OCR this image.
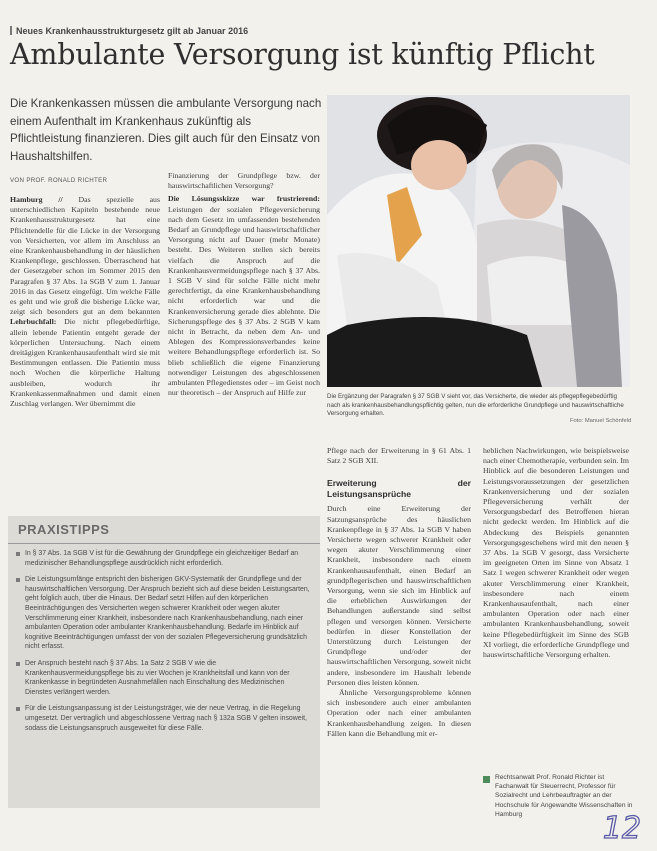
Neues Krankenhausstrukturgesetz gilt ab Januar 2016
Ambulante Versorgung ist künftig Pflicht
Die Krankenkassen müssen die ambulante Versorgung nach einem Aufenthalt im Krankenhaus zukünftig als Pflichtleistung finanzieren. Dies gilt auch für den Einsatz von Haushaltshilfen.
Die Ergänzung der Paragrafen § 37 SGB V sieht vor, das Versicherte, die wieder als pflegepflegebedürftig nach als krankenhausbehandlungspflichtig gelten, nun die erforderliche Grundpflege und hauswirtschaftliche Versorgung erhalten.
Foto: Manuel Schönfeld
VON PROF. RONALD RICHTER

Hamburg // Das spezielle aus unterschiedlichen Kapiteln bestehende neue Krankenhausstrukturgesetz hat eine Pflichtendelle für die Lücke in der Versorgung von Versicherten, vor allem im Anschluss an eine Krankenhausbehandlung in der häuslichen Krankenpflege, geschlossen. Überraschend hat der Gesetzgeber schon im Sommer 2015 den Paragrafen § 37 Abs. 1a SGB V zum 1. Januar 2016 in das Gesetz eingefügt. Um welche Fälle es geht und wie groß die bisherige Lücke war, zeigt sich besonders gut an dem bekannten Lehrbuchfall: Die nicht pflegebedürftige, allein lebende Patientin entgeht gerade der körperlichen Untersuchung. Nach einem dreitägigen Krankenhausaufenthalt wird sie mit Bestimmungen entlassen. Die Patientin muss noch Wochen die körperliche Haltung ausbleiben, wodurch ihr Krankenkassenmaßnahmen und damit einen Zuschlag verlangen. Wer übernimmt die

Finanzierung der Grundpflege bzw. der hauswirtschaftlichen Versorgung?

Die Lösungsskizze war frustrierend: Leistungen der sozialen Pflegeversicherung nach dem Gesetz im umfassenden bestehenden Bedarf an Grundpflege und hauswirtschaftlicher Versorgung nicht auf Dauer (mehr Monate) besteht. Des Weiteren stellen sich bereits vielfach die Anspruch auf die Krankenhausvermeidungspflege nach § 37 Abs. 1 SGB V sind für solche Fälle nicht mehr gerechtfertigt, da eine Krankenhausbehandlung nicht erforderlich war und die Krankenversicherung gerade dies ablehnte. Die Sicherungspflege des § 37 Abs. 2 SGB V kam nicht in Betracht, da neben dem An- und Ablegen des Kompressionsverbandes keine weitere Behandlungspflege erforderlich ist. So blieb schließlich die eigene Finanzierung notwendiger Leistungen des abgeschlossenen ambulanten Pflegedienstes oder – im Geist noch nur theoretisch – der Anspruch auf Hilfe zur

Pflege nach der Erweiterung in § 61 Abs. 1 Satz 2 SGB XII.

Erweiterung der Leistungsansprüche

Durch eine Erweiterung der Satzungsansprüche des häuslichen Krankenpflege in § 37 Abs. 1a SGB V haben Versicherte wegen schwerer Krankheit oder wegen akuter Verschlimmerung einer Krankheit, insbesondere nach einem Krankenhausaufenthalt, einen Bedarf an grundpflegerischen und hauswirtschaftlichen Versorgung, wenn sie sich im Hinblick auf die erheblichen Auswirkungen der Behandlungen außerstande sind selbst pflegen und versorgen können. Versicherte bedürfen in dieser Konstellation der Unterstützung durch Leistungen der Grundpflege und/oder der hauswirtschaftlichen Versorgung, soweit nicht andere, insbesondere im Haushalt lebende Personen dies leisten können.

Ähnliche Versorgungsprobleme können sich insbesondere auch einer ambulanten Operation oder nach einer ambulanten Krankenhausbehandlung zeigen. In diesen Fällen kann die Behandlung mit er-

heblichen Nachwirkungen, wie beispielsweise nach einer Chemotherapie, verbunden sein. Im Hinblick auf die besonderen Leistungen und Leistungsvoraussetzungen der gesetzlichen Krankenversicherung und der sozialen Pflegeversicherung verhält der Versorgungsbedarf des Betroffenen hieran nicht gedeckt werden. Im Hinblick auf die Abdeckung des Beispiels genannten Versorgungsgeschehens wird mit den neuen § 37 Abs. 1a SGB V gesorgt, dass Versicherte im geeigneten Orten im Sinne von Absatz 1 Satz 1 wegen schwerer Krankheit oder wegen akuter Verschlimmerung einer Krankheit, insbesondere nach einem Krankenhausaufenthalt, nach einer ambulanten Operation oder nach einer ambulanten Krankenhausbehandlung, soweit keine Pflegebedürftigkeit im Sinne des SGB XI vorliegt, die erforderliche Grundpflege und hauswirtschaftliche Versorgung erhalten.

PRAXISTIPPS
In § 37 Abs. 1a SGB V ist für die Gewährung der Grundpflege ein gleichzeitiger Bedarf an medizinischer Behandlungspflege ausdrücklich nicht erforderlich.
Die Leistungsumfänge entspricht den bisherigen GKV-Systematik der Grundpflege und der hauswirtschaftlichen Versorgung. Der Anspruch bezieht sich auf diese beiden Leistungsarten, geht folglich auch, über die Hinaus. Der Bedarf setzt Hilfen auf den körperlichen Beeinträchtigungen des Versicherten wegen schwerer Krankheit oder wegen akuter Verschlimmerung einer Krankheit, insbesondere nach Krankenhausbehandlung, nach einer ambulanten Operation oder ambulanter Krankenhausbehandlung. Bedarfe im Hinblick auf kognitive Beeinträchtigungen umfasst der von der sozialen Pflegeversicherung grundsätzlich nicht erfasst.
Der Anspruch besteht nach § 37 Abs. 1a Satz 2 SGB V wie die Krankenhausvermeidungspflege bis zu vier Wochen je Krankheitsfall und kann von der Krankenkasse in begründeten Ausnahmefällen nach Einschaltung des Medizinischen Dienstes verlängert werden.
Für die Leistungsanpassung ist der Leistungsträger, wie der neue Vertrag, in die Regelung umgesetzt. Der vertraglich und abgeschlossene Vertrag nach § 132a SGB V gelten insoweit, sodass die Leistungsanspruch ausgeweitet für diese Fälle.
Rechtsanwalt Prof. Ronald Richter ist Fachanwalt für Steuerrecht, Professor für Sozialrecht und Lehrbeauftragter an der Hochschule für Angewandte Wissenschaften in Hamburg	12
